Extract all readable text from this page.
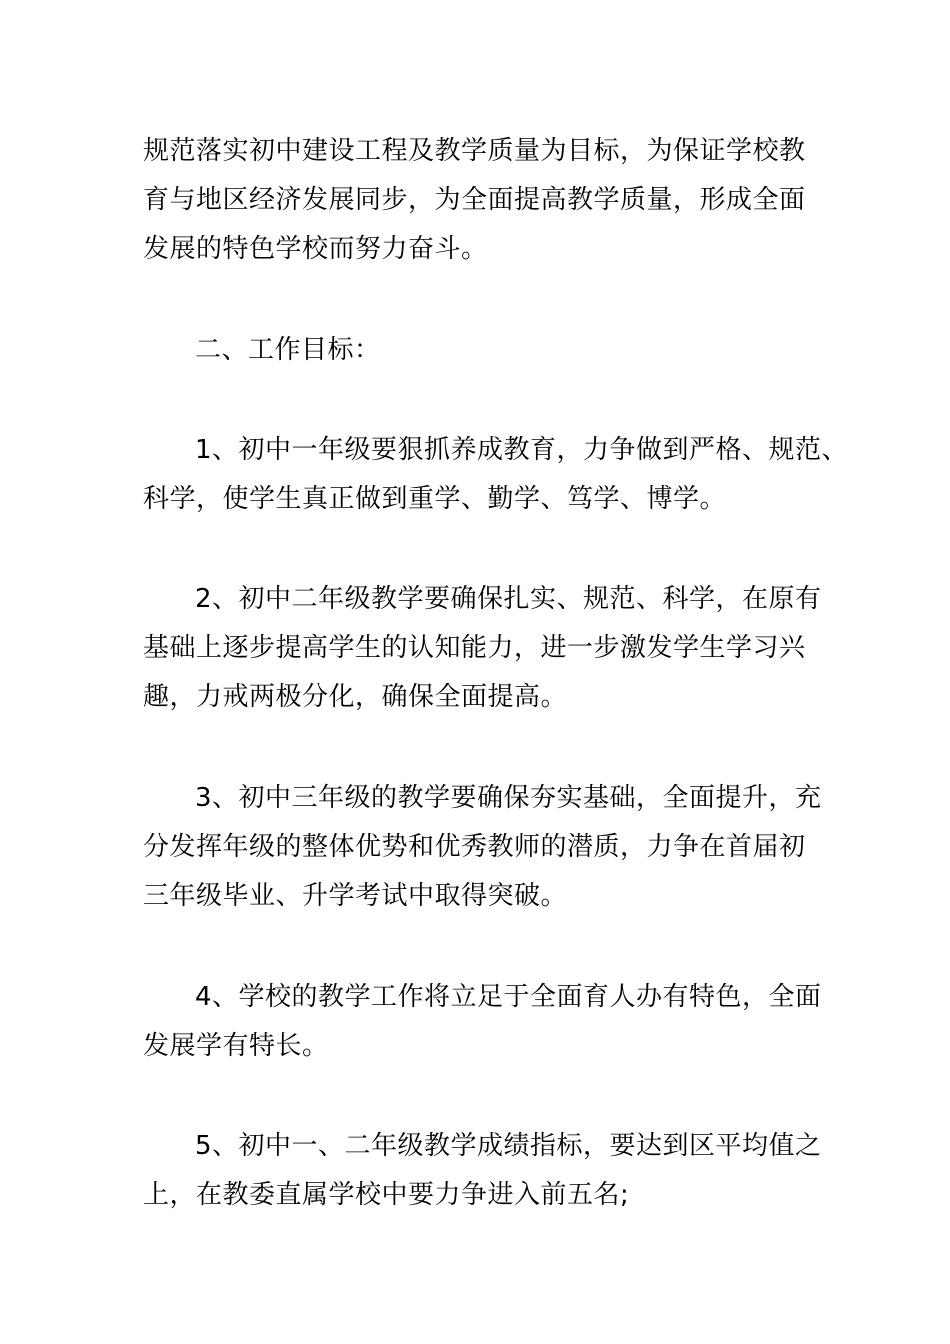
规范落实初中建设工程及教学质量为目标，为保证学校教
育与地区经济发展同步，为全面提高教学质量，形成全面
发展的特色学校而努力奋斗。
二、工作目标：
1、初中一年级要狠抓养成教育，力争做到严格、规范、
科学，使学生真正做到重学、勤学、笃学、博学。
2、初中二年级教学要确保扎实、规范、科学，在原有
基础上逐步提高学生的认知能力，进一步激发学生学习兴
趣，力戒两极分化，确保全面提高。
3、初中三年级的教学要确保夯实基础，全面提升，充
分发挥年级的整体优势和优秀教师的潜质，力争在首届初
三年级毕业、升学考试中取得突破。
4、学校的教学工作将立足于全面育人办有特色，全面
发展学有特长。
5、初中一、二年级教学成绩指标，要达到区平均值之
上，在教委直属学校中要力争进入前五名;
